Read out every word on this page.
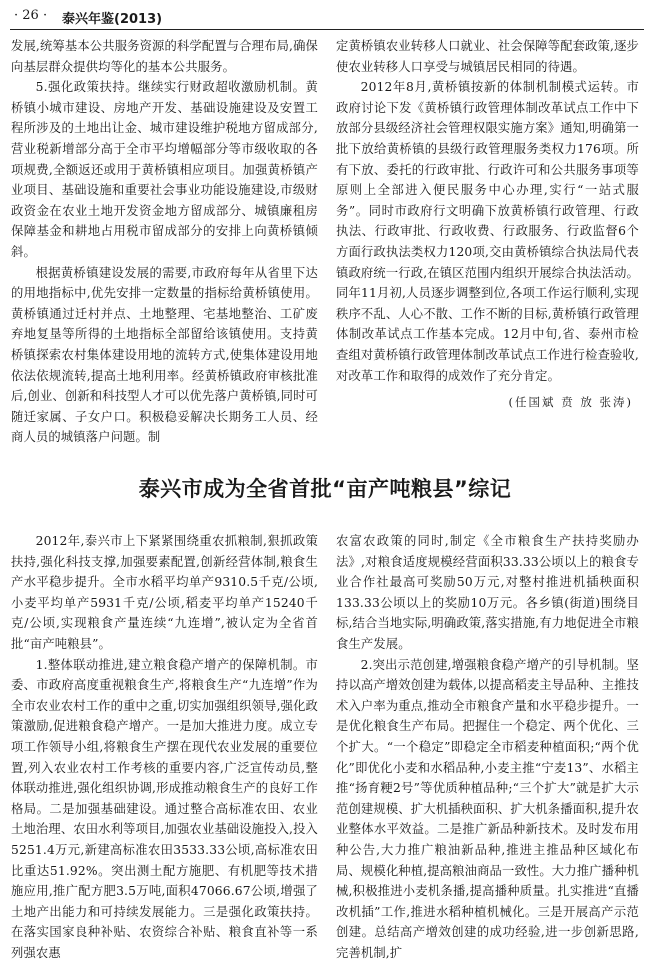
· 26 · 泰兴年鉴(2013)

发展,统筹基本公共服务资源的科学配置与合理布局,确保向基层群众提供均等化的基本公共服务。

5.强化政策扶持。继续实行财政超收激励机制。黄桥镇小城市建设、房地产开发、基础设施建设及安置工程所涉及的土地出让金、城市建设维护税地方留成部分,营业税新增部分高于全市平均增幅部分等市级收取的各项规费,全额返还或用于黄桥镇相应项目。加强黄桥镇产业项目、基础设施和重要社会事业功能设施建设,市级财政资金在农业土地开发资金地方留成部分、城镇廉租房保障基金和耕地占用税市留成部分的安排上向黄桥镇倾斜。

根据黄桥镇建设发展的需要,市政府每年从省里下达的用地指标中,优先安排一定数量的指标给黄桥镇使用。黄桥镇通过迁村并点、土地整理、宅基地整治、工矿废弃地复垦等所得的土地指标全部留给该镇使用。支持黄桥镇探索农村集体建设用地的流转方式,使集体建设用地依法依规流转,提高土地利用率。经黄桥镇政府审核批准后,创业、创新和科技型人才可以优先落户黄桥镇,同时可随迁家属、子女户口。积极稳妥解决长期务工人员、经商人员的城镇落户问题。制

定黄桥镇农业转移人口就业、社会保障等配套政策,逐步使农业转移人口享受与城镇居民相同的待遇。

2012年8月,黄桥镇按新的体制机制模式运转。市政府讨论下发《黄桥镇行政管理体制改革试点工作中下放部分县级经济社会管理权限实施方案》通知,明确第一批下放给黄桥镇的县级行政管理服务类权力176项。所有下放、委托的行政审批、行政许可和公共服务事项等原则上全部进入便民服务中心办理,实行“一站式服务”。同时市政府行文明确下放黄桥镇行政管理、行政执法、行政审批、行政收费、行政服务、行政监督6个方面行政执法类权力120项,交由黄桥镇综合执法局代表镇政府统一行政,在镇区范围内组织开展综合执法活动。同年11月初,人员逐步调整到位,各项工作运行顺利,实现秩序不乱、人心不散、工作不断的目标,黄桥镇行政管理体制改革试点工作基本完成。12月中旬,省、泰州市检查组对黄桥镇行政管理体制改革试点工作进行检查验收,对改革工作和取得的成效作了充分肯定。

(任国斌 贲 放 张涛)

泰兴市成为全省首批“亩产吨粮县”综记

2012年,泰兴市上下紧紧围绕重农抓粮制,狠抓政策扶持,强化科技支撑,加强要素配置,创新经营体制,粮食生产水平稳步提升。全市水稻平均单产9310.5千克/公顷,小麦平均单产5931千克/公顷,稻麦平均单产15240千克/公顷,实现粮食产量连续“九连增”,被认定为全省首批“亩产吨粮县”。

1.整体联动推进,建立粮食稳产增产的保障机制。市委、市政府高度重视粮食生产,将粮食生产“九连增”作为全市农业农村工作的重中之重,切实加强组织领导,强化政策激励,促进粮食稳产增产。一是加大推进力度。成立专项工作领导小组,将粮食生产摆在现代农业发展的重要位置,列入农业农村工作考核的重要内容,广泛宣传动员,整体联动推进,强化组织协调,形成推动粮食生产的良好工作格局。二是加强基础建设。通过整合高标准农田、农业土地治理、农田水利等项目,加强农业基础设施投入,投入5251.4万元,新建高标准农田3533.33公顷,高标准农田比重达51.92%。突出测土配方施肥、有机肥等技术措施应用,推广配方肥3.5万吨,面积47066.67公顷,增强了土地产出能力和可持续发展能力。三是强化政策扶持。在落实国家良种补贴、农资综合补贴、粮食直补等一系列强农惠

农富农政策的同时,制定《全市粮食生产扶持奖励办法》,对粮食适度规模经营面积33.33公顷以上的粮食专业合作社最高可奖励50万元,对整村推进机插秧面积133.33公顷以上的奖励10万元。各乡镇(街道)围绕目标,结合当地实际,明确政策,落实措施,有力地促进全市粮食生产发展。

2.突出示范创建,增强粮食稳产增产的引导机制。坚持以高产增效创建为载体,以提高稻麦主导品种、主推技术入户率为重点,推动全市粮食产量和水平稳步提升。一是优化粮食生产布局。把握住一个稳定、两个优化、三个扩大。“一个稳定”即稳定全市稻麦种植面积;“两个优化”即优化小麦和水稻品种,小麦主推“宁麦13”、水稻主推“扬育粳2号”等优质种植品种;“三个扩大”就是扩大示范创建规模、扩大机插秧面积、扩大机条播面积,提升农业整体水平效益。二是推广新品种新技术。及时发布用种公告,大力推广粮油新品种,推进主推品种区域化布局、规模化种植,提高粮油商品一致性。大力推广播种机械,积极推进小麦机条播,提高播种质量。扎实推进“直播改机插”工作,推进水稻种植机械化。三是开展高产示范创建。总结高产增效创建的成功经验,进一步创新思路,完善机制,扩
